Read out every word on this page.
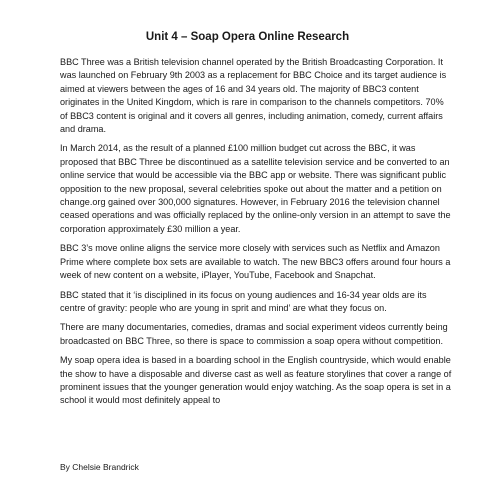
Unit 4 – Soap Opera Online Research

BBC Three was a British television channel operated by the British Broadcasting Corporation. It was launched on February 9th 2003 as a replacement for BBC Choice and its target audience is aimed at viewers between the ages of 16 and 34 years old. The majority of BBC3 content originates in the United Kingdom, which is rare in comparison to the channels competitors. 70% of BBC3 content is original and it covers all genres, including animation, comedy, current affairs and drama.

In March 2014, as the result of a planned £100 million budget cut across the BBC, it was proposed that BBC Three be discontinued as a satellite television service and be converted to an online service that would be accessible via the BBC app or website. There was significant public opposition to the new proposal, several celebrities spoke out about the matter and a petition on change.org gained over 300,000 signatures. However, in February 2016 the television channel ceased operations and was officially replaced by the online-only version in an attempt to save the corporation approximately £30 million a year.

BBC 3’s move online aligns the service more closely with services such as Netflix and Amazon Prime where complete box sets are available to watch. The new BBC3 offers around four hours a week of new content on a website, iPlayer, YouTube, Facebook and Snapchat.

BBC stated that it ‘is disciplined in its focus on young audiences and 16-34 year olds are its centre of gravity: people who are young in sprit and mind’ are what they focus on.

There are many documentaries, comedies, dramas and social experiment videos currently being broadcasted on BBC Three, so there is space to commission a soap opera without competition.

My soap opera idea is based in a boarding school in the English countryside, which would enable the show to have a disposable and diverse cast as well as feature storylines that cover a range of prominent issues that the younger generation would enjoy watching. As the soap opera is set in a school it would most definitely appeal to

By Chelsie Brandrick
